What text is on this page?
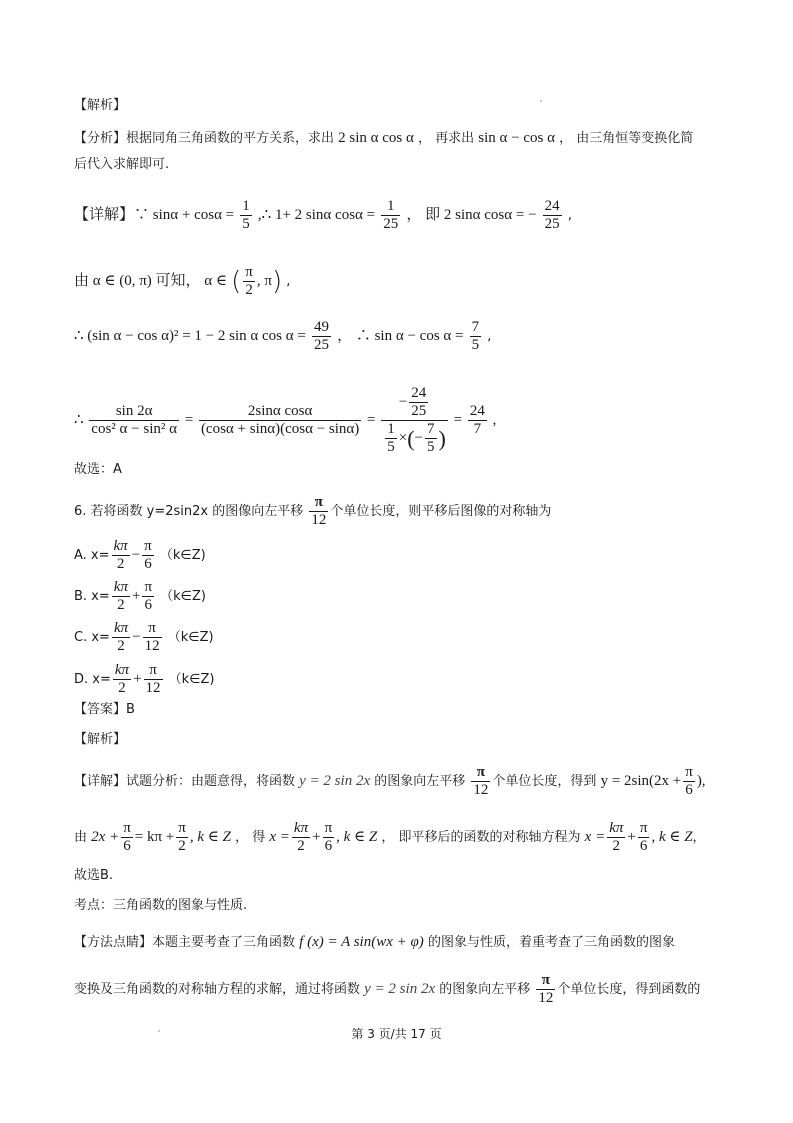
【解析】
【分析】根据同角三角函数的平方关系，求出 2 sin α cos α ， 再求出 sin α − cos α ， 由三角恒等变换化简
后代入求解即可.
【详解】∵ $\sin\alpha + \cos\alpha = \frac{1}{5}$ ,∴ 1+ 2 sinα $\cos\alpha = \frac{1}{25}$ ， 即 2 sinα cosα = − $\frac{24}{25}$ ,
由 α ∈ (0, π) 可知， α ∈ ( $\frac{\pi}{2}$ , π) ,
∴ (sin α − cos α)² = 1 − 2 sin α $\cos \alpha = \frac{49}{25}$ ， ∴ $\sin \alpha - \cos \alpha = \frac{7}{5}$ ,
∴ $\frac{\sin 2\alpha}{\text{cos² α − sin² α}} = \frac{\text{2sinα cosα}}{(\cos\alpha + \sin\alpha)(\cos\alpha - \sin\alpha)} = \frac{- \frac{24}{25}}{\frac{1}{5} \times(- \frac{7}{5} )} = \frac{24}{7}$ ,
故选：A
6. 若将函数 y=2sin2x 的图像向左平移 $\frac{\pi}{12}$ 个单位长度，则平移后图像的对称轴为
A. $x= \frac{k\pi}{2} - \frac{\pi}{6}$ （k∈Z)
B. $x= \frac{k\pi}{2} + \frac{\pi}{6}$ （k∈Z)
C. $x= \frac{k\pi}{2} - \frac{\pi}{12}$ （k∈Z)
D. $x= \frac{k\pi}{2} + \frac{\pi}{12}$ （k∈Z)
【答案】B
【解析】
【详解】试题分析：由题意得，将函数 y = 2 sin 2x 的图象向左平移 $\frac{\pi}{12}$ 个单位长度，得到 $y = 2\sin(2x + \frac{\pi}{6}$ ),
由 $2x + \frac{\pi}{6} = k\pi + \frac{\pi}{2}$ , k ∈ Z ， 得 $x = \frac{k\pi}{2} + \frac{\pi}{6}$ , k ∈ Z ， 即平移后的函数的对称轴方程为 $x = \frac{k\pi}{2} + \frac{\pi}{6}$ , k ∈ Z，
故选B.
考点：三角函数的图象与性质.
【方法点睛】本题主要考查了三角函数 f (x) = A sin(wx + φ) 的图象与性质，着重考查了三角函数的图象
变换及三角函数的对称轴方程的求解，通过将函数 y = 2 sin 2x 的图象向左平移 $\frac{\pi}{12}$ 个单位长度，得到函数的
第 3 页/共 17 页
